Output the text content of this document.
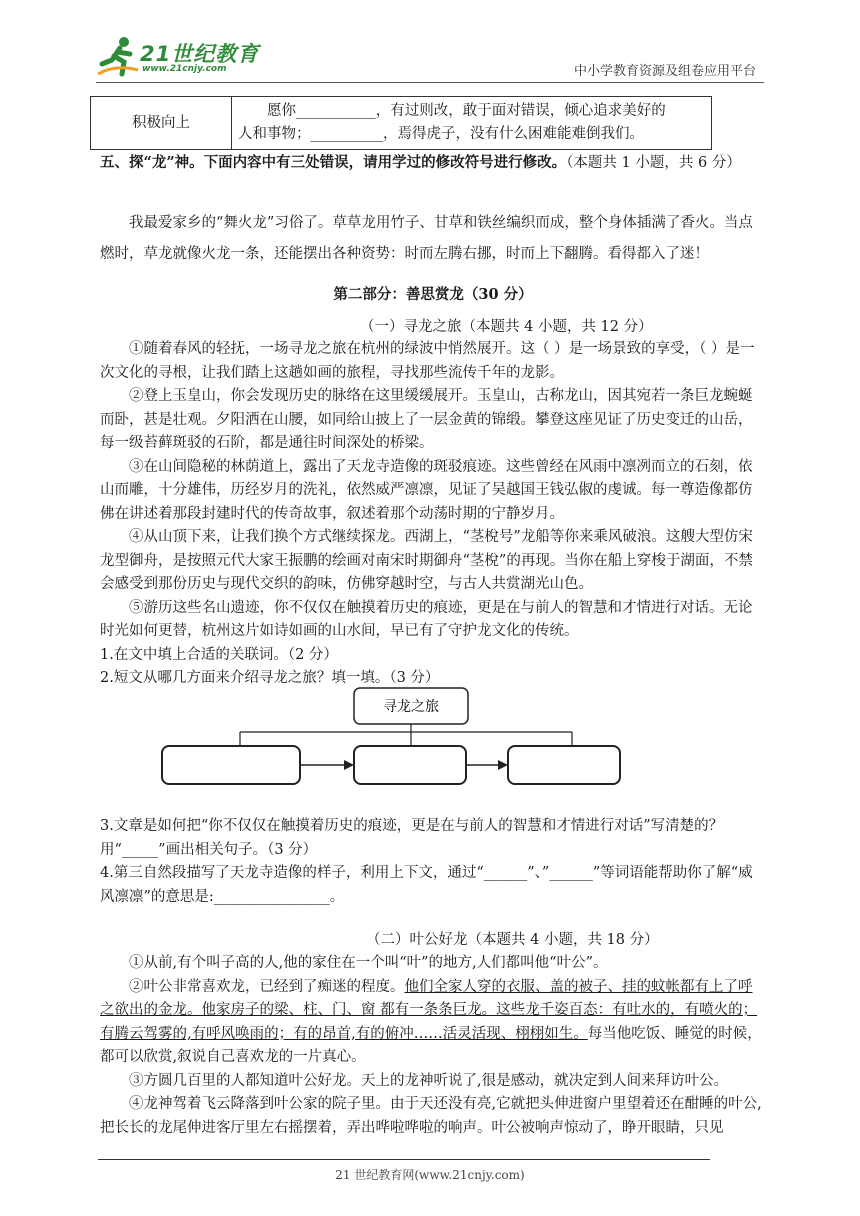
21世纪教育
www.21cnjy.com	中小学教育资源及组卷应用平台
积极向上	
愿你___________，有过则改，敢于面对错误，倾心追求美好的
人和事物；__________，焉得虎子，没有什么困难能难倒我们。
五、探“龙”神。下面内容中有三处错误，请用学过的修改符号进行修改。（本题共 1 小题，共 6 分）
我最爱家乡的“舞火龙”习俗了。草草龙用竹子、甘草和铁丝编织而成，整个身体插满了香火。当点燃时，草龙就像火龙一条，还能摆出各种资势：时而左腾右挪，时而上下翻腾。看得都入了迷！
第二部分：善思赏龙（30 分）
（一）寻龙之旅（本题共 4 小题，共 12 分）
①随着春风的轻抚，一场寻龙之旅在杭州的绿波中悄然展开。这（ ）是一场景致的享受，（ ）是一次文化的寻根，让我们踏上这趟如画的旅程，寻找那些流传千年的龙影。
②登上玉皇山，你会发现历史的脉络在这里缓缓展开。玉皇山，古称龙山，因其宛若一条巨龙蜿蜒而卧，甚是壮观。夕阳洒在山腰，如同给山披上了一层金黄的锦缎。攀登这座见证了历史变迁的山岳，每一级苔藓斑驳的石阶，都是通往时间深处的桥梁。
③在山间隐秘的林荫道上，露出了天龙寺造像的斑驳痕迹。这些曾经在风雨中凛冽而立的石刻，依山而雕，十分雄伟，历经岁月的洗礼，依然威严凛凛，见证了吴越国王钱弘俶的虔诚。每一尊造像都仿佛在讲述着那段封建时代的传奇故事，叙述着那个动荡时期的宁静岁月。
④从山顶下来，让我们换个方式继续探龙。西湖上，“茎梲号”龙船等你来乘风破浪。这艘大型仿宋龙型御舟，是按照元代大家王振鹏的绘画对南宋时期御舟“茎梲”的再现。当你在船上穿梭于湖面，不禁会感受到那份历史与现代交织的韵味，仿佛穿越时空，与古人共赏湖光山色。
⑤游历这些名山遗迹，你不仅仅在触摸着历史的痕迹，更是在与前人的智慧和才情进行对话。无论时光如何更替，杭州这片如诗如画的山水间，早已有了守护龙文化的传统。
1.在文中填上合适的关联词。（2 分）
2.短文从哪几方面来介绍寻龙之旅？填一填。（3 分）
寻龙之旅
3.文章是如何把“你不仅仅在触摸着历史的痕迹，更是在与前人的智慧和才情进行对话”写清楚的？用“_____”画出相关句子。（3 分）
4.第三自然段描写了天龙寺造像的样子，利用上下文，通过“______”、”______”等词语能帮助你了解“威风凛凛”的意思是:________________。
（二）叶公好龙（本题共 4 小题，共 18 分）
①从前,有个叫子高的人,他的家住在一个叫“叶”的地方,人们都叫他“叶公”。
②叶公非常喜欢龙，已经到了痴迷的程度。他们全家人穿的衣服、盖的被子、挂的蚊帐都有上了呼之欲出的金龙。他家房子的梁、柱、门、窗 都有一条条巨龙。这些龙千姿百态：有吐水的，有喷火的；有腾云驾雾的,有呼风唤雨的；有的昂首,有的俯冲……活灵活现、栩栩如生。每当他吃饭、睡觉的时候，都可以欣赏,叙说自己喜欢龙的一片真心。
③方圆几百里的人都知道叶公好龙。天上的龙神听说了,很是感动，就决定到人间来拜访叶公。
④龙神驾着飞云降落到叶公家的院子里。由于天还没有亮,它就把头伸进窗户里望着还在酣睡的叶公,把长长的龙尾伸进客厅里左右摇摆着，弄出哗啦哗啦的响声。叶公被响声惊动了，睁开眼睛，只见
21 世纪教育网(www.21cnjy.com)
